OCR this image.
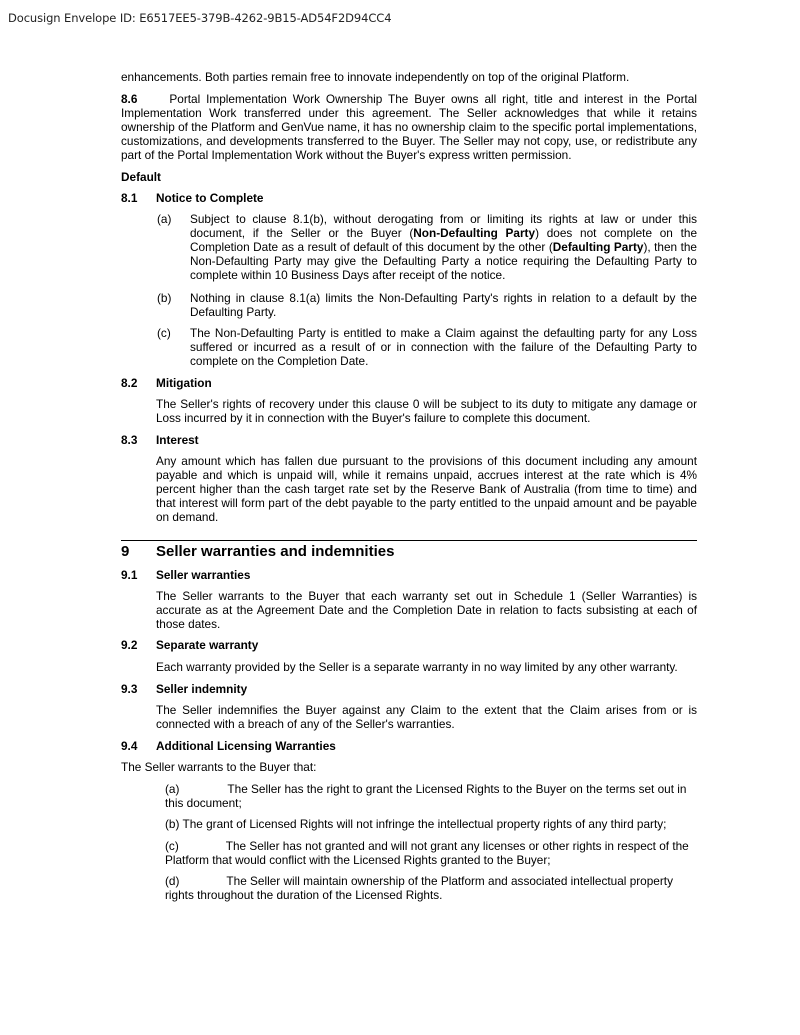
Docusign Envelope ID: E6517EE5-379B-4262-9B15-AD54F2D94CC4

enhancements. Both parties remain free to innovate independently on top of the original Platform.

8.6	Portal Implementation Work Ownership The Buyer owns all right, title and interest in the Portal Implementation Work transferred under this agreement. The Seller acknowledges that while it retains ownership of the Platform and GenVue name, it has no ownership claim to the specific portal implementations, customizations, and developments transferred to the Buyer. The Seller may not copy, use, or redistribute any part of the Portal Implementation Work without the Buyer's express written permission.

Default

8.1 Notice to Complete

(a) Subject to clause 8.1(b), without derogating from or limiting its rights at law or under this document, if the Seller or the Buyer (Non-Defaulting Party) does not complete on the Completion Date as a result of default of this document by the other (Defaulting Party), then the Non-Defaulting Party may give the Defaulting Party a notice requiring the Defaulting Party to complete within 10 Business Days after receipt of the notice.

(b) Nothing in clause 8.1(a) limits the Non-Defaulting Party's rights in relation to a default by the Defaulting Party.

(c) The Non-Defaulting Party is entitled to make a Claim against the defaulting party for any Loss suffered or incurred as a result of or in connection with the failure of the Defaulting Party to complete on the Completion Date.

8.2 Mitigation

The Seller's rights of recovery under this clause 0 will be subject to its duty to mitigate any damage or Loss incurred by it in connection with the Buyer's failure to complete this document.

8.3 Interest

Any amount which has fallen due pursuant to the provisions of this document including any amount payable and which is unpaid will, while it remains unpaid, accrues interest at the rate which is 4% percent higher than the cash target rate set by the Reserve Bank of Australia (from time to time) and that interest will form part of the debt payable to the party entitled to the unpaid amount and be payable on demand.

9 Seller warranties and indemnities

9.1 Seller warranties

The Seller warrants to the Buyer that each warranty set out in Schedule 1 (Seller Warranties) is accurate as at the Agreement Date and the Completion Date in relation to facts subsisting at each of those dates.

9.2 Separate warranty

Each warranty provided by the Seller is a separate warranty in no way limited by any other warranty.

9.3 Seller indemnity

The Seller indemnifies the Buyer against any Claim to the extent that the Claim arises from or is connected with a breach of any of the Seller's warranties.

9.4 Additional Licensing Warranties

The Seller warrants to the Buyer that:

(a)	The Seller has the right to grant the Licensed Rights to the Buyer on the terms set out in this document;

(b) The grant of Licensed Rights will not infringe the intellectual property rights of any third party;

(c)	The Seller has not granted and will not grant any licenses or other rights in respect of the Platform that would conflict with the Licensed Rights granted to the Buyer;

(d)	The Seller will maintain ownership of the Platform and associated intellectual property rights throughout the duration of the Licensed Rights.
